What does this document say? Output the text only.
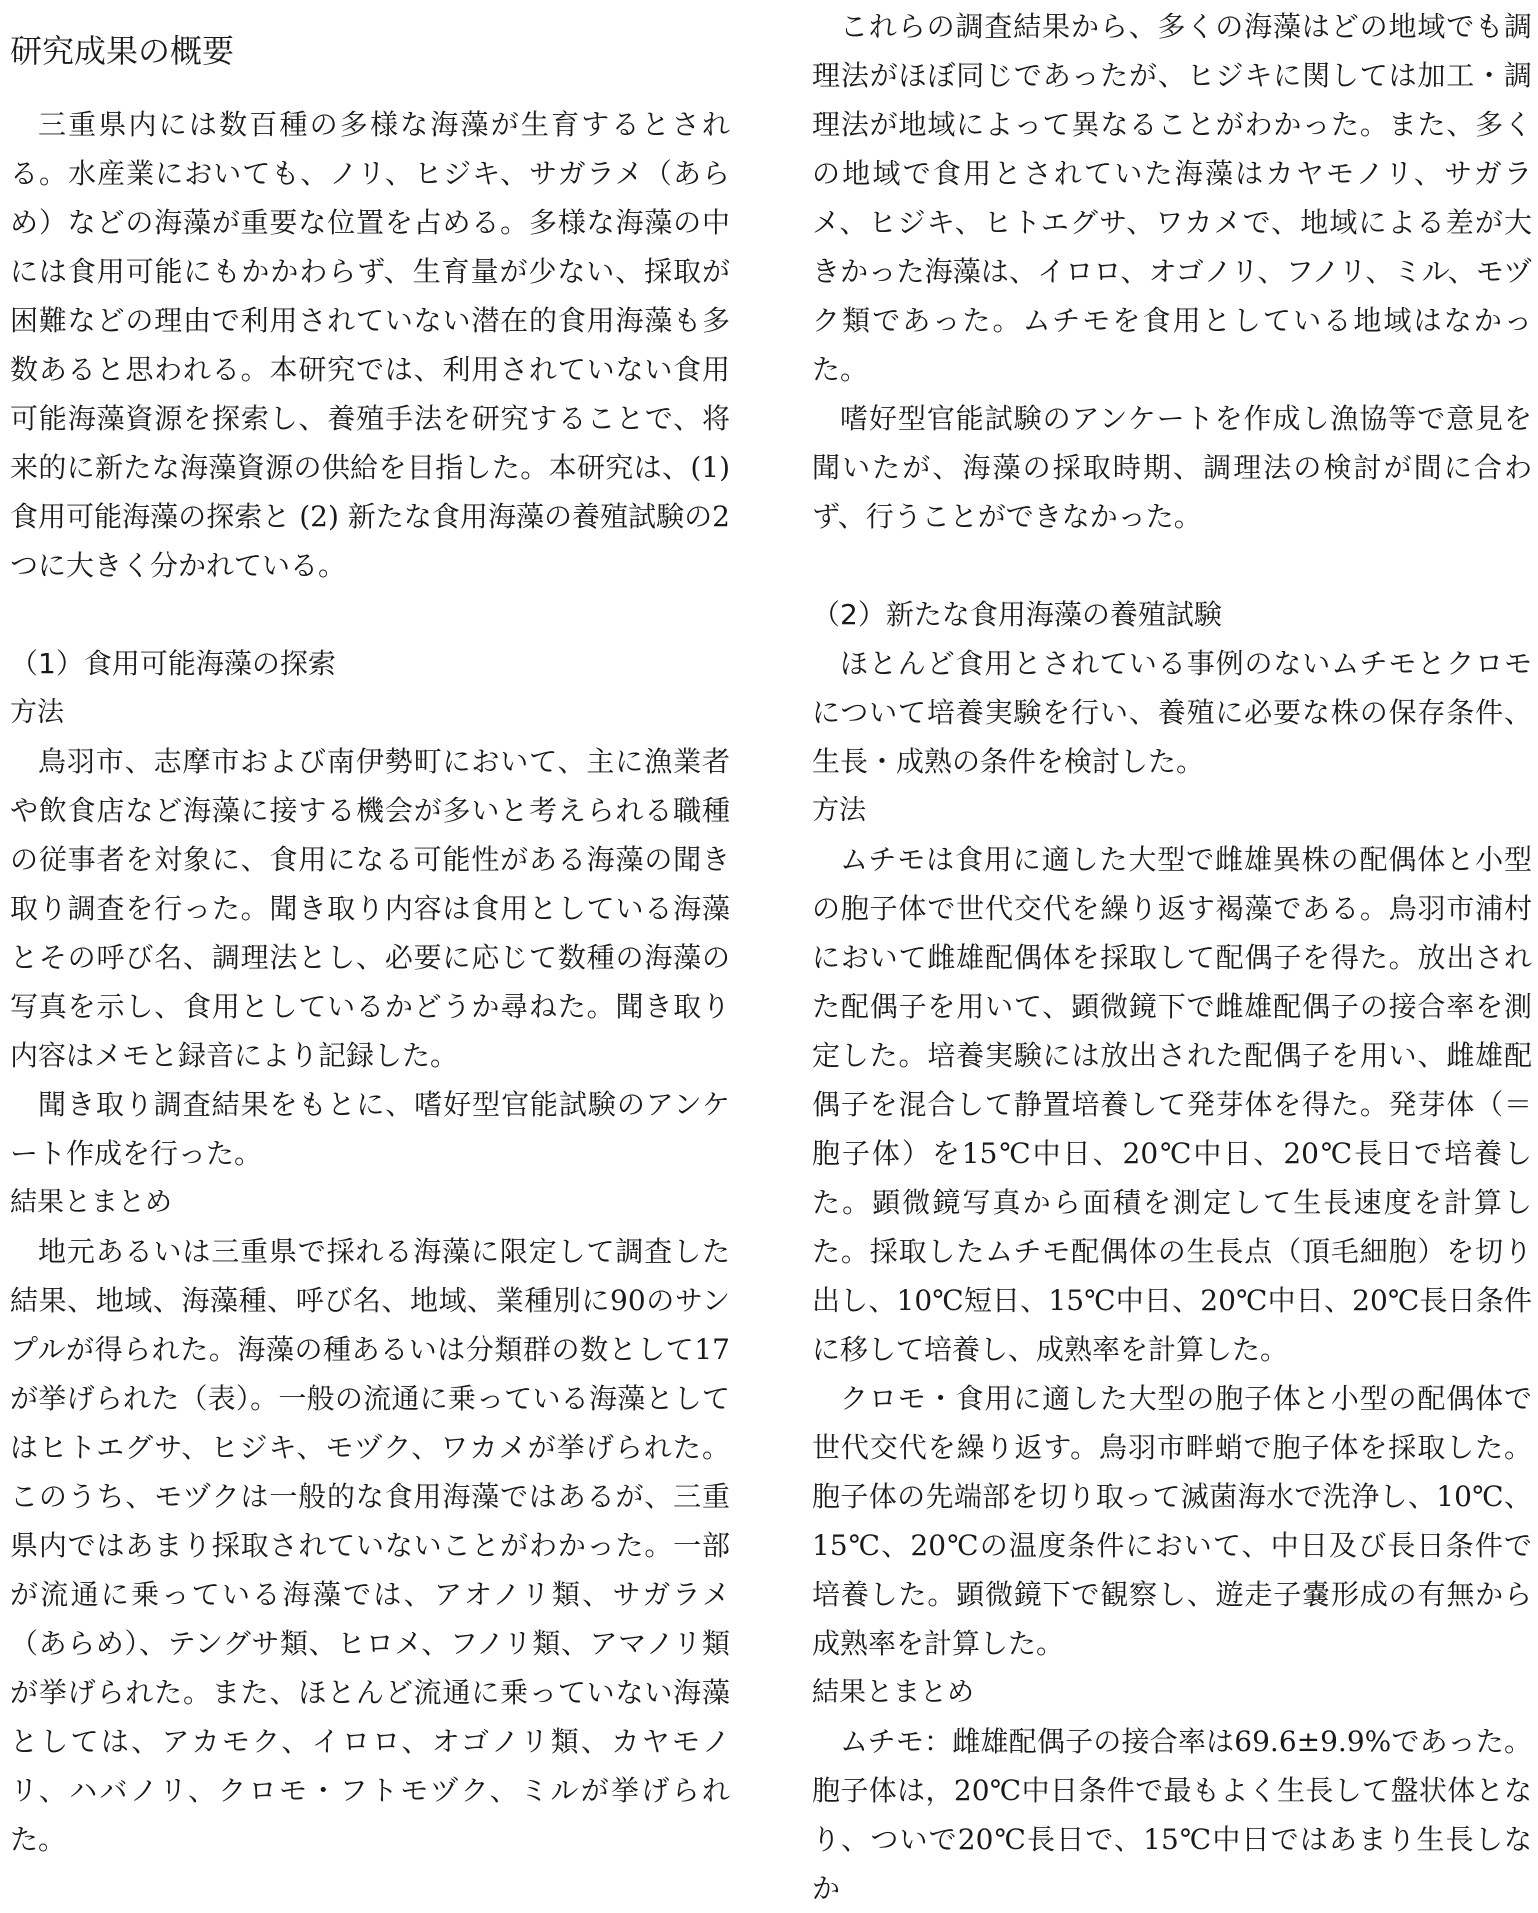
研究成果の概要

三重県内には数百種の多様な海藻が生育するとされる。水産業においても、ノリ、ヒジキ、サガラメ（あらめ）などの海藻が重要な位置を占める。多様な海藻の中には食用可能にもかかわらず、生育量が少ない、採取が困難などの理由で利用されていない潜在的食用海藻も多数あると思われる。本研究では、利用されていない食用可能海藻資源を探索し、養殖手法を研究することで、将来的に新たな海藻資源の供給を目指した。本研究は、(1) 食用可能海藻の探索と (2) 新たな食用海藻の養殖試験の2つに大きく分かれている。

（1）食用可能海藻の探索
方法

鳥羽市、志摩市および南伊勢町において、主に漁業者や飲食店など海藻に接する機会が多いと考えられる職種の従事者を対象に、食用になる可能性がある海藻の聞き取り調査を行った。聞き取り内容は食用としている海藻とその呼び名、調理法とし、必要に応じて数種の海藻の写真を示し、食用としているかどうか尋ねた。聞き取り内容はメモと録音により記録した。

聞き取り調査結果をもとに、嗜好型官能試験のアンケート作成を行った。

結果とまとめ

地元あるいは三重県で採れる海藻に限定して調査した結果、地域、海藻種、呼び名、地域、業種別に90のサンプルが得られた。海藻の種あるいは分類群の数として17が挙げられた（表）。一般の流通に乗っている海藻としてはヒトエグサ、ヒジキ、モヅク、ワカメが挙げられた。このうち、モヅクは一般的な食用海藻ではあるが、三重県内ではあまり採取されていないことがわかった。一部が流通に乗っている海藻では、アオノリ類、サガラメ（あらめ）、テングサ類、ヒロメ、フノリ類、アマノリ類が挙げられた。また、ほとんど流通に乗っていない海藻としては、アカモク、イロロ、オゴノリ類、カヤモノリ、ハバノリ、クロモ・フトモヅク、ミルが挙げられた。

これらの調査結果から、多くの海藻はどの地域でも調理法がほぼ同じであったが、ヒジキに関しては加工・調理法が地域によって異なることがわかった。また、多くの地域で食用とされていた海藻はカヤモノリ、サガラメ、ヒジキ、ヒトエグサ、ワカメで、地域による差が大きかった海藻は、イロロ、オゴノリ、フノリ、ミル、モヅク類であった。ムチモを食用としている地域はなかった。

嗜好型官能試験のアンケートを作成し漁協等で意見を聞いたが、海藻の採取時期、調理法の検討が間に合わず、行うことができなかった。

（2）新たな食用海藻の養殖試験

ほとんど食用とされている事例のないムチモとクロモについて培養実験を行い、養殖に必要な株の保存条件、生長・成熟の条件を検討した。

方法

ムチモは食用に適した大型で雌雄異株の配偶体と小型の胞子体で世代交代を繰り返す褐藻である。鳥羽市浦村において雌雄配偶体を採取して配偶子を得た。放出された配偶子を用いて、顕微鏡下で雌雄配偶子の接合率を測定した。培養実験には放出された配偶子を用い、雌雄配偶子を混合して静置培養して発芽体を得た。発芽体（＝胞子体）を15℃中日、20℃中日、20℃長日で培養した。顕微鏡写真から面積を測定して生長速度を計算した。採取したムチモ配偶体の生長点（頂毛細胞）を切り出し、10℃短日、15℃中日、20℃中日、20℃長日条件に移して培養し、成熟率を計算した。

クロモ・食用に適した大型の胞子体と小型の配偶体で世代交代を繰り返す。鳥羽市畔蛸で胞子体を採取した。胞子体の先端部を切り取って滅菌海水で洗浄し、10℃、15℃、20℃の温度条件において、中日及び長日条件で培養した。顕微鏡下で観察し、遊走子嚢形成の有無から成熟率を計算した。

結果とまとめ

ムチモ：雌雄配偶子の接合率は69.6±9.9%であった。胞子体は，20℃中日条件で最もよく生長して盤状体となり、ついで20℃長日で、15℃中日ではあまり生長しなか
